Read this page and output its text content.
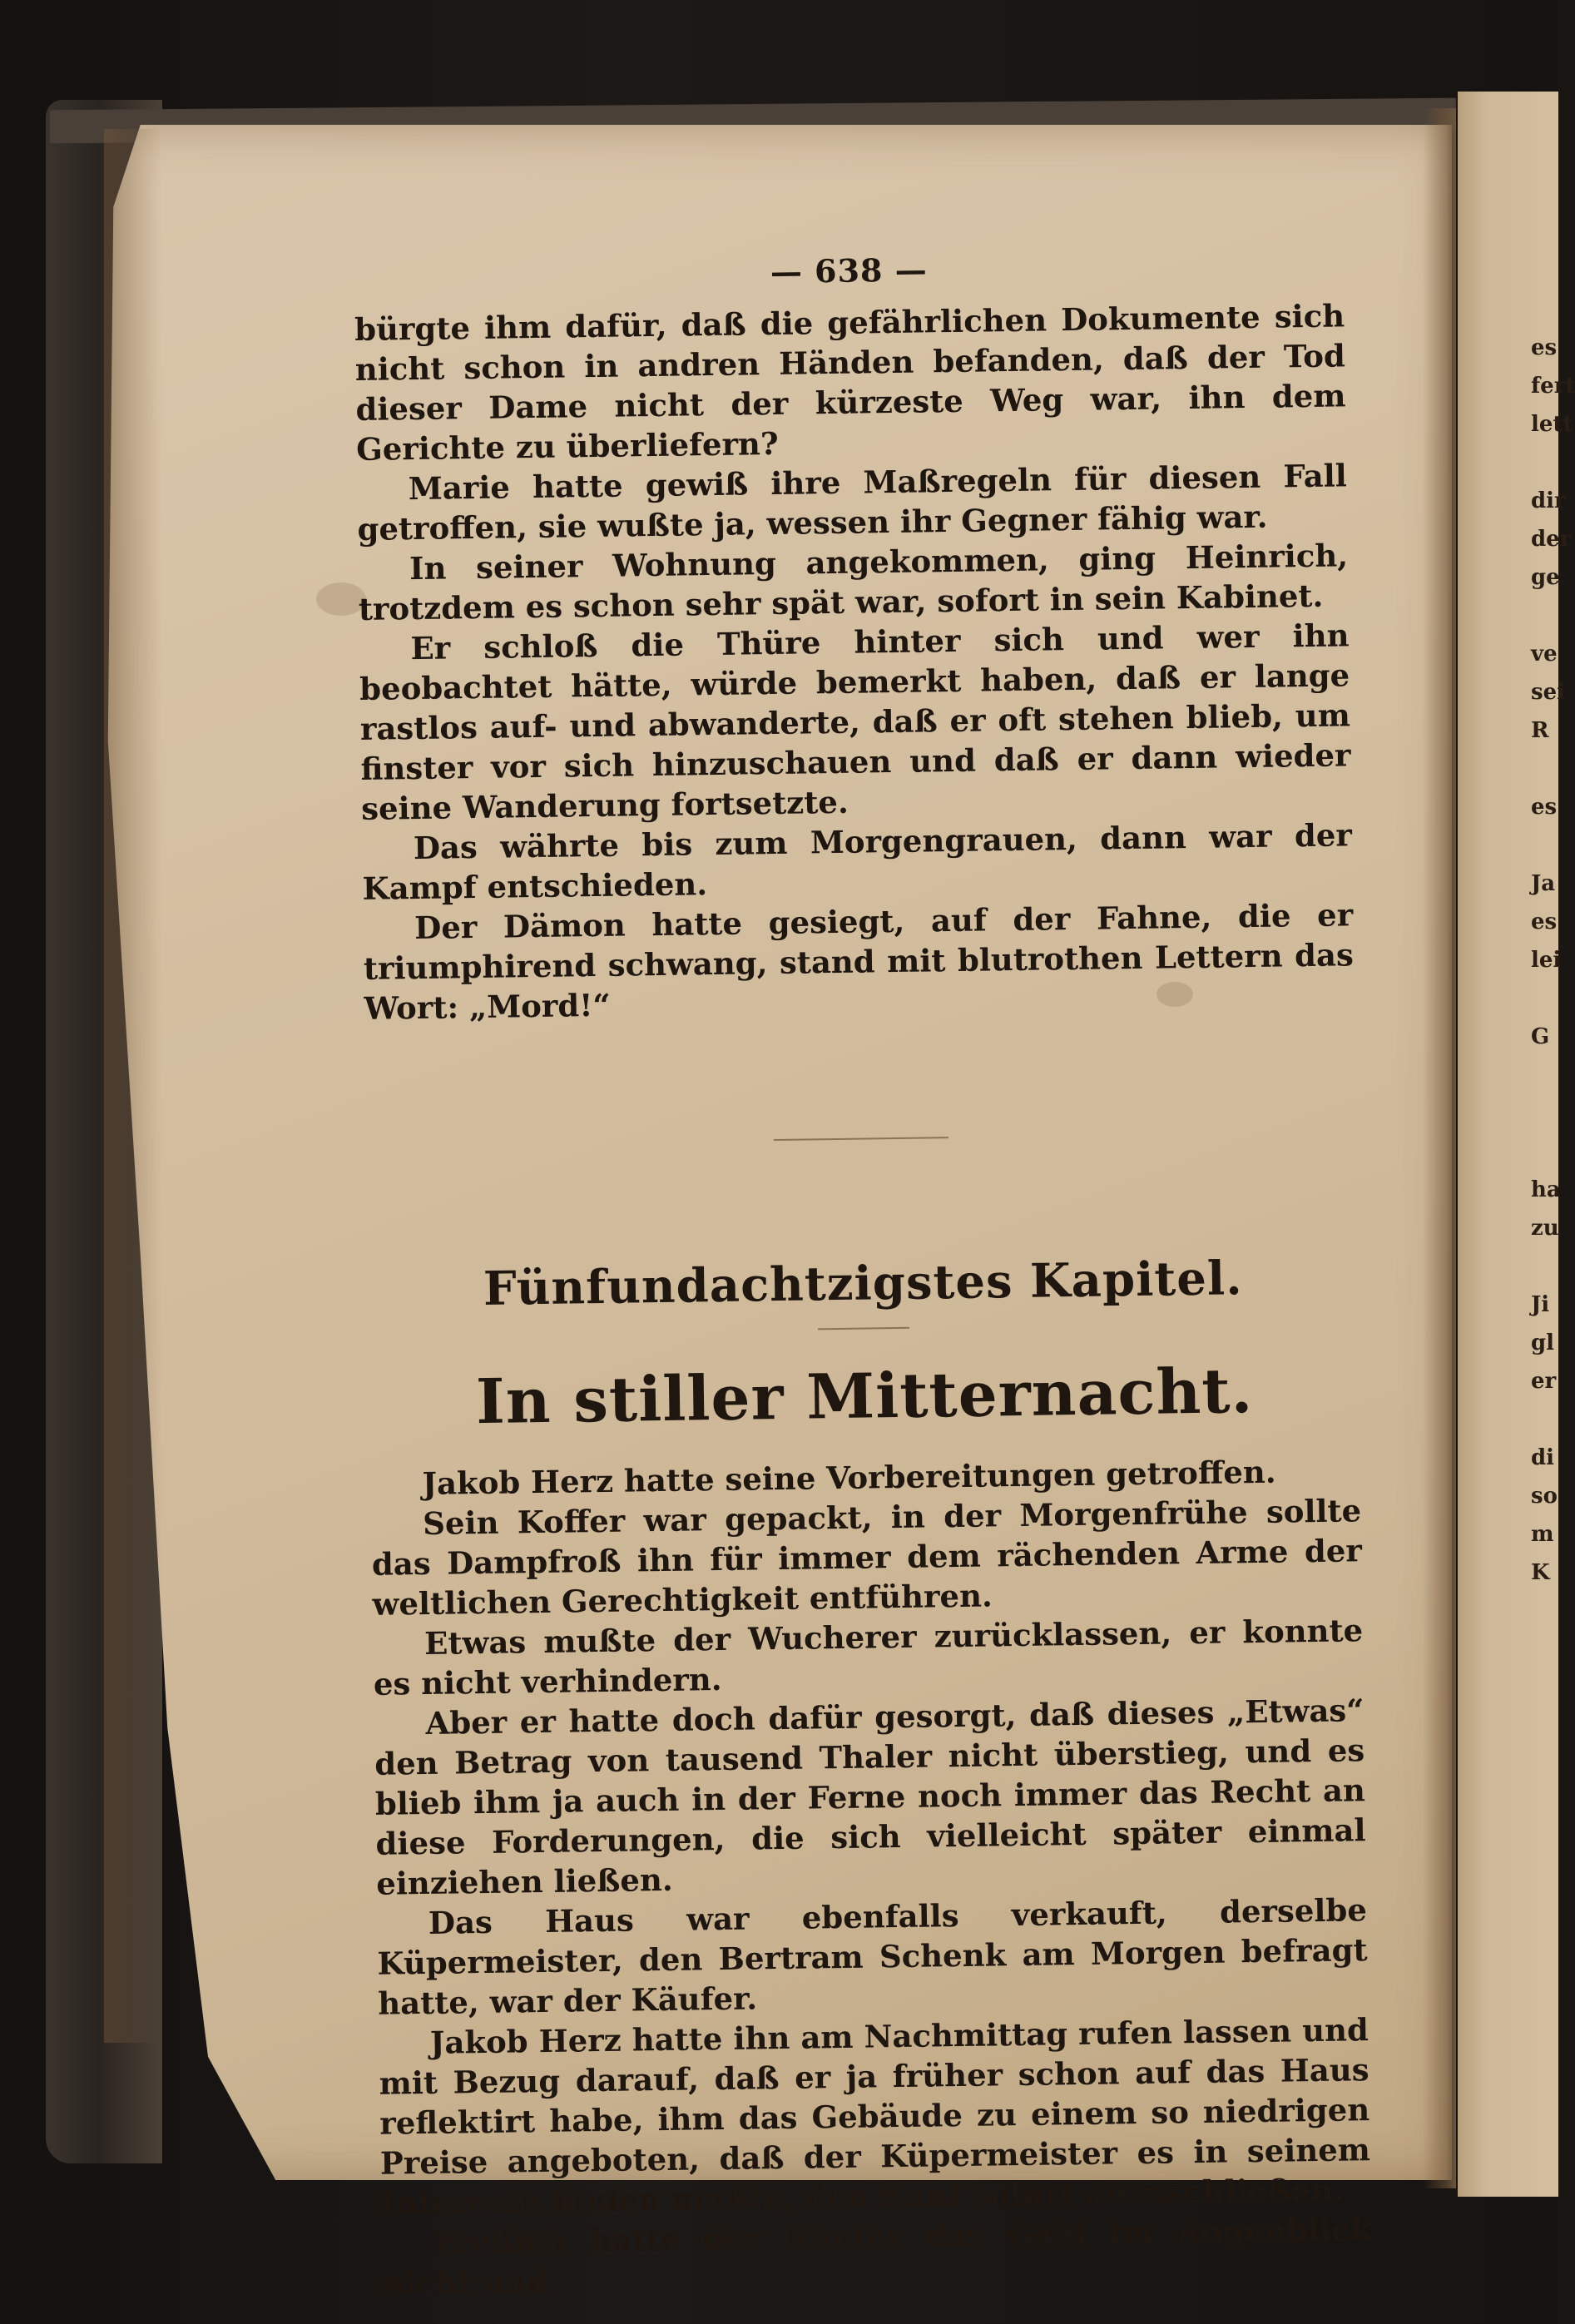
es
fert
lett
dir
der
ge
ve
sei
R
es
Ja
es
lei
G
ha
zu
Ji
gl
er
di
so
m
K
— 638 —

bürgte ihm dafür, daß die gefährlichen Dokumente sich nicht schon in andren Händen befanden, daß der Tod dieser Dame nicht der kürzeste Weg war, ihn dem Gerichte zu überliefern?

Marie hatte gewiß ihre Maßregeln für diesen Fall getroffen, sie wußte ja, wessen ihr Gegner fähig war.

In seiner Wohnung angekommen, ging Heinrich, trotzdem es schon sehr spät war, sofort in sein Kabinet.

Er schloß die Thüre hinter sich und wer ihn beobachtet hätte, würde bemerkt haben, daß er lange rastlos auf- und abwanderte, daß er oft stehen blieb, um finster vor sich hinzuschauen und daß er dann wieder seine Wanderung fortsetzte.

Das währte bis zum Morgengrauen, dann war der Kampf entschieden.

Der Dämon hatte gesiegt, auf der Fahne, die er triumphirend schwang, stand mit blutrothen Lettern das Wort: „Mord!“

Fünfundachtzigstes Kapitel.
In stiller Mitternacht.

Jakob Herz hatte seine Vorbereitungen getroffen.

Sein Koffer war gepackt, in der Morgenfrühe sollte das Dampfroß ihn für immer dem rächenden Arme der weltlichen Gerechtigkeit entführen.

Etwas mußte der Wucherer zurücklassen, er konnte es nicht verhindern.

Aber er hatte doch dafür gesorgt, daß dieses „Etwas“ den Betrag von tausend Thaler nicht überstieg, und es blieb ihm ja auch in der Ferne noch immer das Recht an diese Forderungen, die sich vielleicht später einmal einziehen ließen.

Das Haus war ebenfalls verkauft, derselbe Küpermeister, den Bertram Schenk am Morgen befragt hatte, war der Käufer.

Jakob Herz hatte ihn am Nachmittag rufen lassen und mit Bezug darauf, daß er ja früher schon auf das Haus reflektirt habe, ihm das Gebäude zu einem so niedrigen Preise angeboten, daß der Küpermeister es in seinem Interesse finden mußte, den Kauf sofort abzuschließen.

Freilich hatte der Käufer das Geld im Augenblick nicht und
